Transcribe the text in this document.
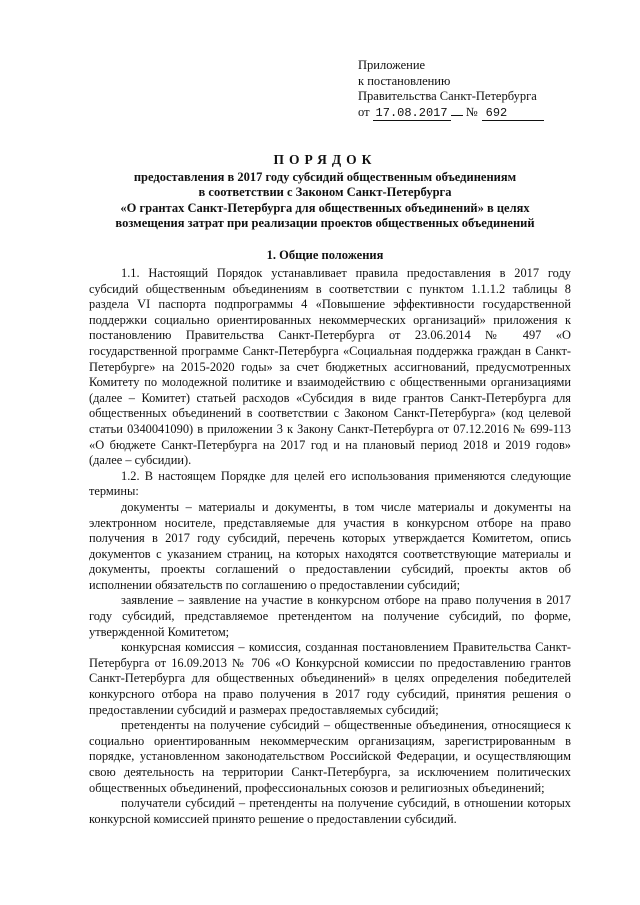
Приложение
к постановлению
Правительства Санкт-Петербурга
от 17.08.2017 № 692
ПОРЯДОК
предоставления в 2017 году субсидий общественным объединениям
в соответствии с Законом Санкт-Петербурга
«О грантах Санкт-Петербурга для общественных объединений» в целях
возмещения затрат при реализации проектов общественных объединений
1. Общие положения

1.1. Настоящий Порядок устанавливает правила предоставления в 2017 году субсидий общественным объединениям в соответствии с пунктом 1.1.1.2 таблицы 8 раздела VI паспорта подпрограммы 4 «Повышение эффективности государственной поддержки социально ориентированных некоммерческих организаций» приложения к постановлению Правительства Санкт-Петербурга от 23.06.2014 № 497 «О государственной программе Санкт-Петербурга «Социальная поддержка граждан в Санкт-Петербурге» на 2015-2020 годы» за счет бюджетных ассигнований, предусмотренных Комитету по молодежной политике и взаимодействию с общественными организациями (далее – Комитет) статьей расходов «Субсидия в виде грантов Санкт-Петербурга для общественных объединений в соответствии с Законом Санкт-Петербурга» (код целевой статьи 0340041090) в приложении 3 к Закону Санкт-Петербурга от 07.12.2016 № 699-113 «О бюджете Санкт-Петербурга на 2017 год и на плановый период 2018 и 2019 годов» (далее – субсидии).

1.2. В настоящем Порядке для целей его использования применяются следующие термины:

документы – материалы и документы, в том числе материалы и документы на электронном носителе, представляемые для участия в конкурсном отборе на право получения в 2017 году субсидий, перечень которых утверждается Комитетом, опись документов с указанием страниц, на которых находятся соответствующие материалы и документы, проекты соглашений о предоставлении субсидий, проекты актов об исполнении обязательств по соглашению о предоставлении субсидий;

заявление – заявление на участие в конкурсном отборе на право получения в 2017 году субсидий, представляемое претендентом на получение субсидий, по форме, утвержденной Комитетом;

конкурсная комиссия – комиссия, созданная постановлением Правительства Санкт-Петербурга от 16.09.2013 № 706 «О Конкурсной комиссии по предоставлению грантов Санкт-Петербурга для общественных объединений» в целях определения победителей конкурсного отбора на право получения в 2017 году субсидий, принятия решения о предоставлении субсидий и размерах предоставляемых субсидий;

претенденты на получение субсидий – общественные объединения, относящиеся к социально ориентированным некоммерческим организациям, зарегистрированным в порядке, установленном законодательством Российской Федерации, и осуществляющим свою деятельность на территории Санкт-Петербурга, за исключением политических общественных объединений, профессиональных союзов и религиозных объединений;

получатели субсидий – претенденты на получение субсидий, в отношении которых конкурсной комиссией принято решение о предоставлении субсидий.
